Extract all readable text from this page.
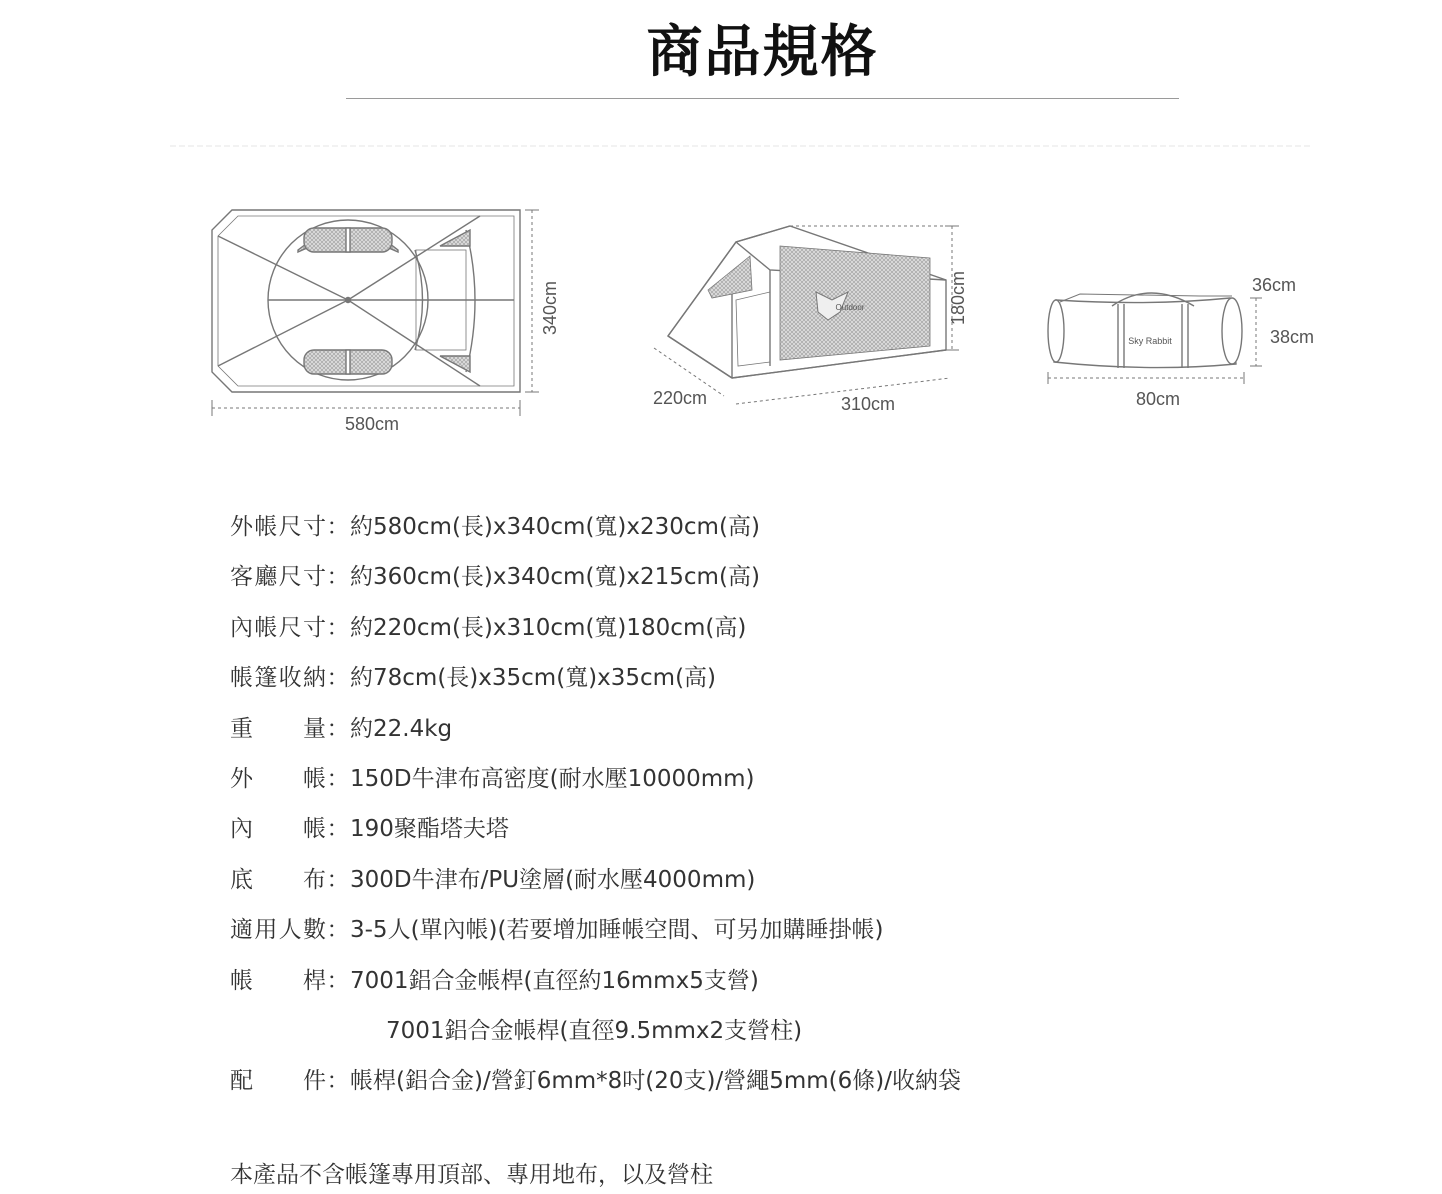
商品規格
580cm
340cm	Outdoor
220cm	310cm
180cm
Sky Rabbit
80cm
38cm
36cm
外帳尺寸：約580cm(長)x340cm(寬)x230cm(高)
客廳尺寸：約360cm(長)x340cm(寬)x215cm(高)
內帳尺寸：約220cm(長)x310cm(寬)180cm(高)
帳篷收納：約78cm(長)x35cm(寬)x35cm(高)
重量：約22.4kg
外帳：150D牛津布高密度(耐水壓10000mm)
內帳：190聚酯塔夫塔
底布：300D牛津布/PU塗層(耐水壓4000mm)
適用人數：3-5人(單內帳)(若要增加睡帳空間、可另加購睡掛帳)
帳桿：7001鋁合金帳桿(直徑約16mmx5支營)
7001鋁合金帳桿(直徑9.5mmx2支營柱)
配件：帳桿(鋁合金)/營釘6mm*8吋(20支)/營繩5mm(6條)/收納袋
本產品不含帳篷專用頂部、專用地布，以及營柱
